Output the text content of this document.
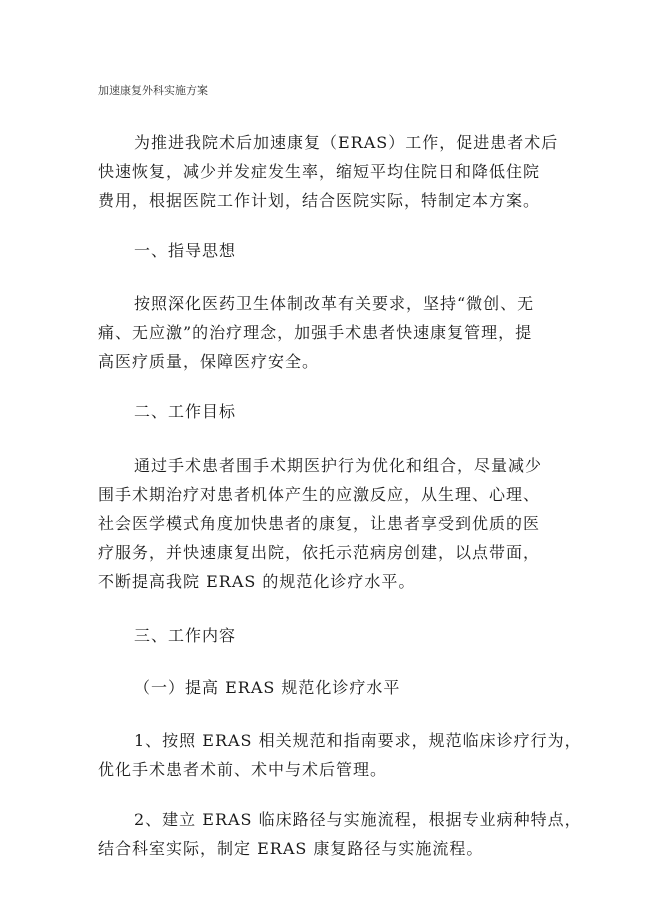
加速康复外科实施方案

为推进我院术后加速康复（ERAS）工作，促进患者术后
快速恢复，减少并发症发生率，缩短平均住院日和降低住院
费用，根据医院工作计划，结合医院实际，特制定本方案。

一、指导思想

按照深化医药卫生体制改革有关要求，坚持“微创、无
痛、无应激”的治疗理念，加强手术患者快速康复管理，提
高医疗质量，保障医疗安全。

二、工作目标

通过手术患者围手术期医护行为优化和组合，尽量减少
围手术期治疗对患者机体产生的应激反应，从生理、心理、
社会医学模式角度加快患者的康复，让患者享受到优质的医
疗服务，并快速康复出院，依托示范病房创建，以点带面，
不断提高我院 ERAS 的规范化诊疗水平。

三、工作内容
（一）提高 ERAS 规范化诊疗水平

1、按照 ERAS 相关规范和指南要求，规范临床诊疗行为，
优化手术患者术前、术中与术后管理。

2、建立 ERAS 临床路径与实施流程，根据专业病种特点，
结合科室实际，制定 ERAS 康复路径与实施流程。
